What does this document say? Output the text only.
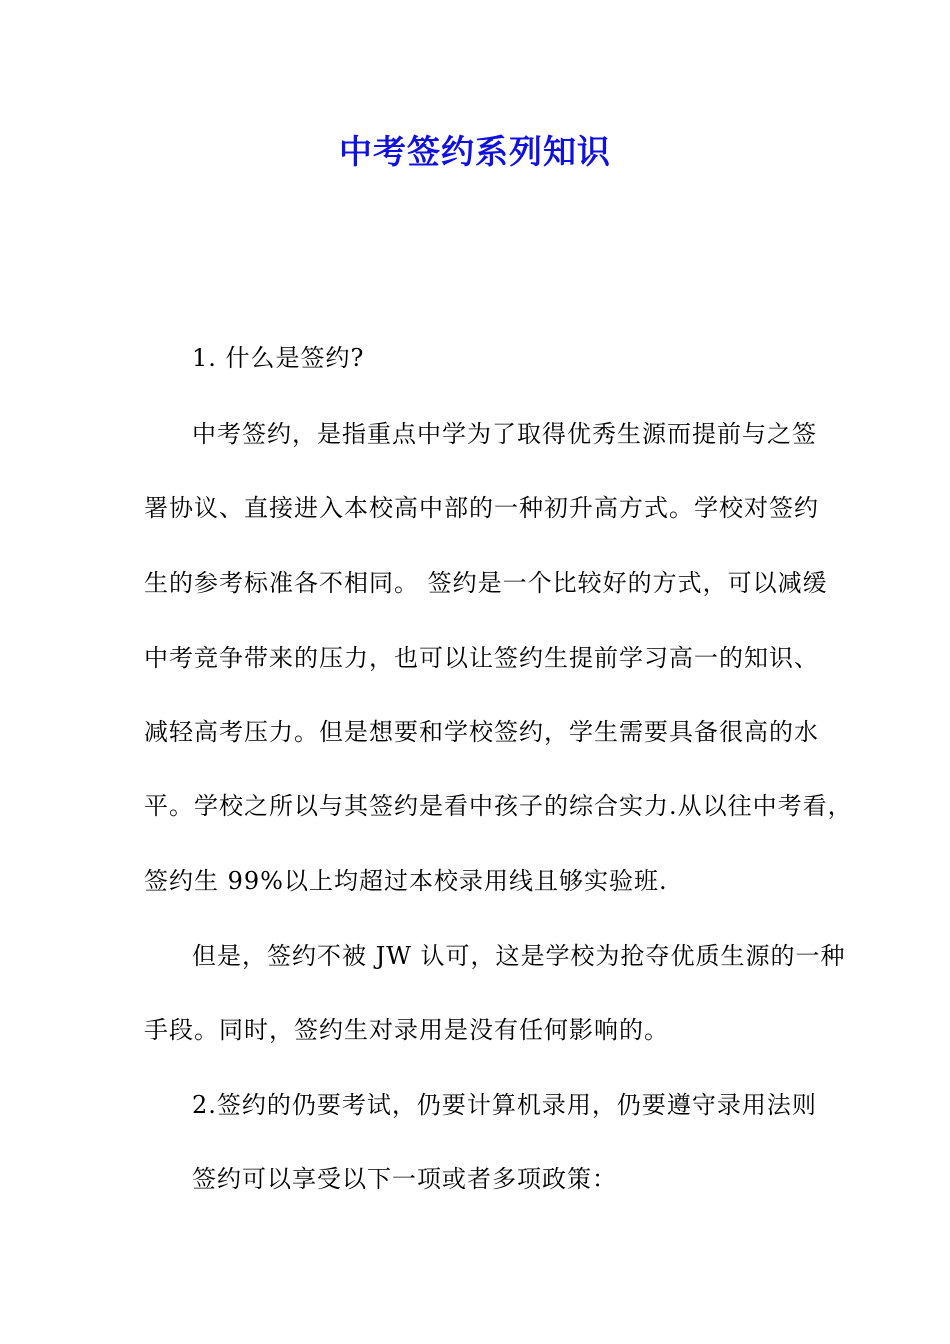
中考签约系列知识
1. 什么是签约?
中考签约，是指重点中学为了取得优秀生源而提前与之签
署协议、直接进入本校高中部的一种初升高方式。学校对签约
生的参考标准各不相同。 签约是一个比较好的方式，可以减缓
中考竞争带来的压力，也可以让签约生提前学习高一的知识、
减轻高考压力。但是想要和学校签约，学生需要具备很高的水
平。学校之所以与其签约是看中孩子的综合实力.从以往中考看，
签约生 99%以上均超过本校录用线且够实验班.
但是，签约不被 JW 认可，这是学校为抢夺优质生源的一种
手段。同时，签约生对录用是没有任何影响的。
2.签约的仍要考试，仍要计算机录用，仍要遵守录用法则
签约可以享受以下一项或者多项政策：
